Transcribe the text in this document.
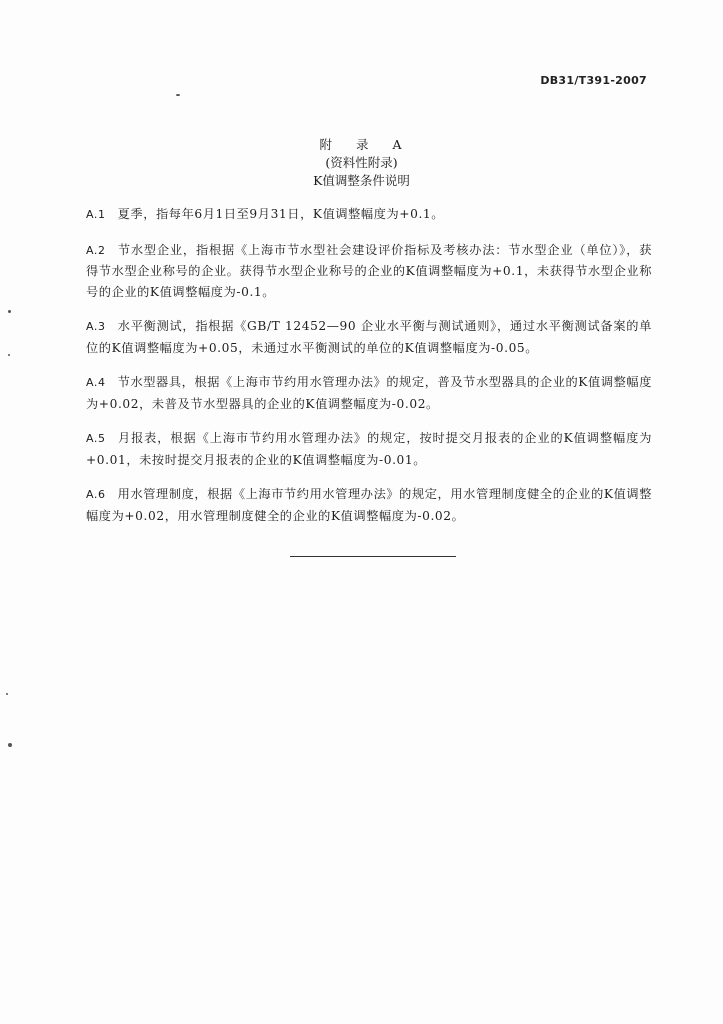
DB31/T391-2007
附 录 A
(资料性附录)
K值调整条件说明

A.1 夏季，指每年6月1日至9月31日，K值调整幅度为+0.1。

A.2 节水型企业，指根据《上海市节水型社会建设评价指标及考核办法：节水型企业（单位）》，获得节水型企业称号的企业。获得节水型企业称号的企业的K值调整幅度为+0.1，未获得节水型企业称号的企业的K值调整幅度为-0.1。

A.3 水平衡测试，指根据《GB/T 12452—90 企业水平衡与测试通则》，通过水平衡测试备案的单位的K值调整幅度为+0.05，未通过水平衡测试的单位的K值调整幅度为-0.05。

A.4 节水型器具，根据《上海市节约用水管理办法》的规定，普及节水型器具的企业的K值调整幅度为+0.02，未普及节水型器具的企业的K值调整幅度为-0.02。

A.5 月报表，根据《上海市节约用水管理办法》的规定，按时提交月报表的企业的K值调整幅度为+0.01，未按时提交月报表的企业的K值调整幅度为-0.01。

A.6 用水管理制度，根据《上海市节约用水管理办法》的规定，用水管理制度健全的企业的K值调整幅度为+0.02，用水管理制度健全的企业的K值调整幅度为-0.02。
